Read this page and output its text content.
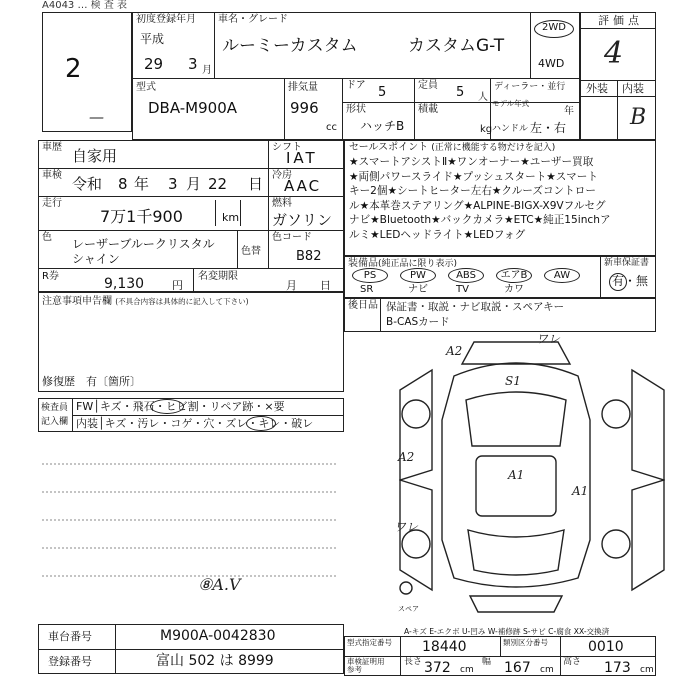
A4043 … 検 査 表
2
—
初度登録年月
平成
29 3 月
車名・グレード
ルーミーカスタム	カスタムG-T
2WD
4WD
型式
DBA-M900A
排気量
996
cc
ドア 5	定員 5 人
ディーラー・並行
形状
ハッチB
積載
kg
モデル年式
年
ハンドル 左・右
評価点
4
外装 内装
B
車歴 自家用	シフト
IAT
車検 令和 8 年 3 月 22 日 冷房
AAC
走行
7万1千900	km
燃料
ガソリン
色 レーザーブルークリスタル
シャイン
色替
色コード
B82
R券	9,130	円
名変期限
月 日
セールスポイント (正常に機能する物だけを記入)
★スマートアシストⅡ★ワンオーナー★ユーザー買取
★両側パワースライド★プッシュスタート★スマート
キー2個★シートヒーター左右★クルーズコントロー
ル★本革巻ステアリング★ALPINE-BIGX-X9Vフルセグ
ナビ★Bluetooth★バックカメラ★ETC★純正15inchア
ルミ★LEDヘッドライト★LEDフォグ
装備品(純正品に限り表示)
PS
SR
PW
ナビ
ABS
TV
エアB
カワ
AW
新車保証書
有・無
後日品 保証書・取説・ナビ取説・スペアキー
B-CASカード
注意事項申告欄 (不具合内容は具体的に記入して下さい)
修復歴　 有〔箇所〕
検査員
記入欄
FW│キズ・飛石・ヒビ割・リペア跡・×要
内装│キズ・汚レ・コゲ・穴・ズレ・キレ・破レ
⑧A.V
A2
ワレ
S1
A2
A1
A1
ワレ
スペア
A-キズ E-エクボ U-凹み W-補修跡 S-サビ C-腐食 XX-交換済
車台番号	M900A-0042830
登録番号	富山 502 は 8999
型式指定番号 18440	類別区分番号	0010
車検証明用参考
長さ 372 cm
幅 167 cm
高さ 173 cm
